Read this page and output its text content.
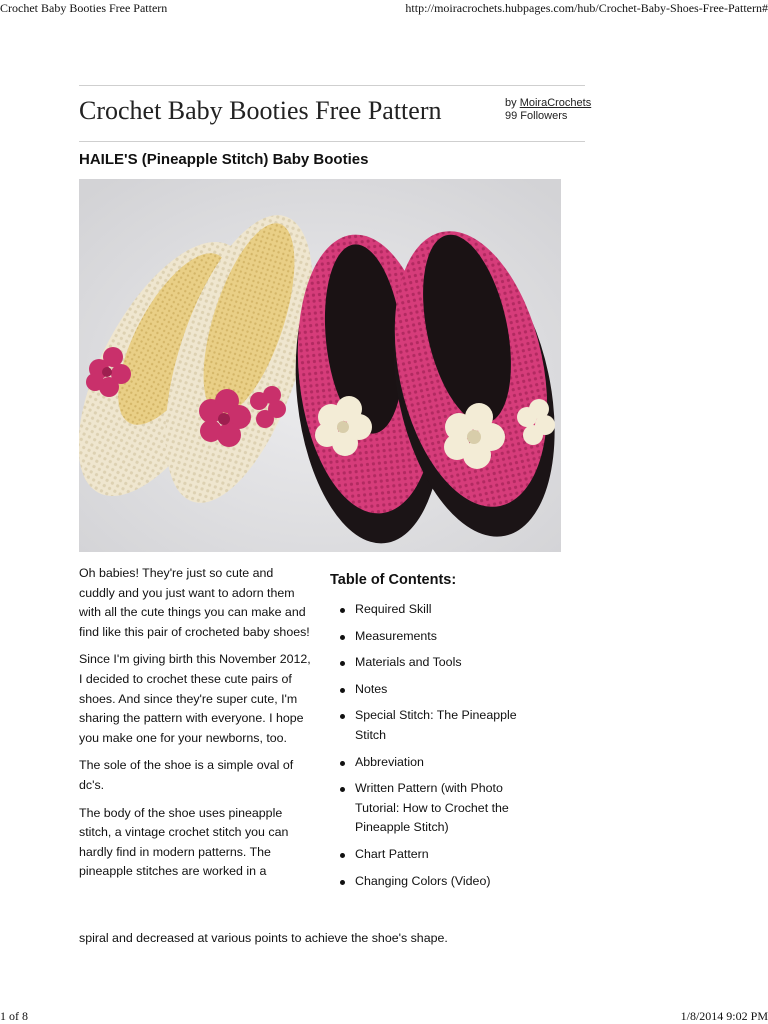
Crochet Baby Booties Free Pattern	http://moiracrochets.hubpages.com/hub/Crochet-Baby-Shoes-Free-Pattern#
Crochet Baby Booties Free Pattern	by MoiraCrochets
99 Followers
HAILE'S (Pineapple Stitch) Baby Booties

Oh babies! They're just so cute and cuddly and you just want to adorn them with all the cute things you can make and find like this pair of crocheted baby shoes!

Since I'm giving birth this November 2012, I decided to crochet these cute pairs of shoes. And since they're super cute, I'm sharing the pattern with everyone. I hope you make one for your newborns, too.

The sole of the shoe is a simple oval of dc's.

The body of the shoe uses pineapple stitch, a vintage crochet stitch you can hardly find in modern patterns. The pineapple stitches are worked in a

spiral and decreased at various points to achieve the shoe's shape.
Table of Contents:
Required Skill
Measurements
Materials and Tools
Notes
Special Stitch: The Pineapple Stitch
Abbreviation
Written Pattern (with Photo Tutorial: How to Crochet the Pineapple Stitch)
Chart Pattern
Changing Colors (Video)
1 of 8	1/8/2014 9:02 PM
